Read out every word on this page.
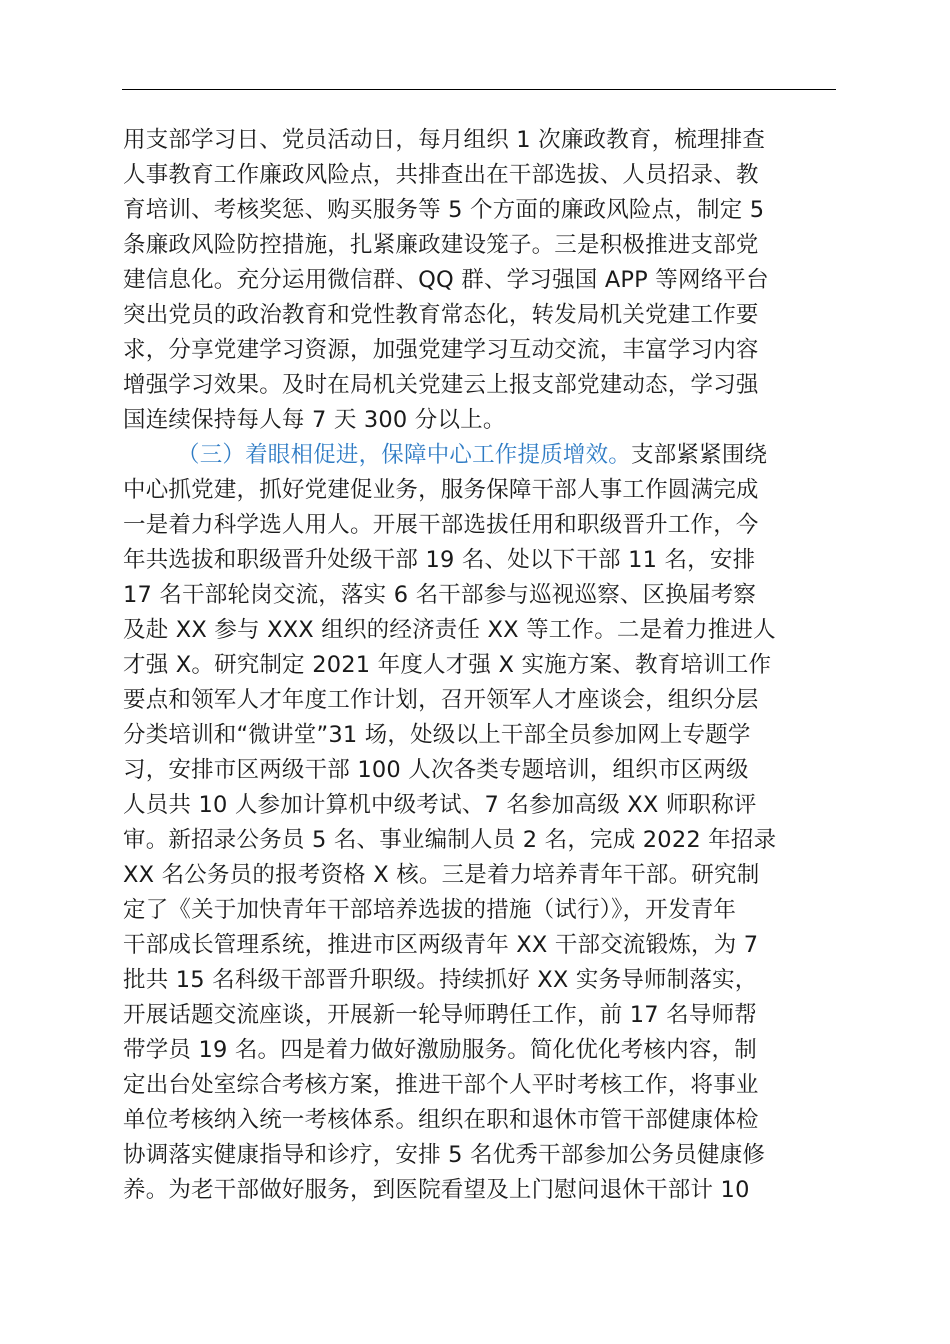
用支部学习日、党员活动日，每月组织 1 次廉政教育，梳理排查
人事教育工作廉政风险点，共排查出在干部选拔、人员招录、教
育培训、考核奖惩、购买服务等 5 个方面的廉政风险点，制定 5
条廉政风险防控措施，扎紧廉政建设笼子。三是积极推进支部党
建信息化。充分运用微信群、QQ 群、学习强国 APP 等网络平台
突出党员的政治教育和党性教育常态化，转发局机关党建工作要
求，分享党建学习资源，加强党建学习互动交流，丰富学习内容
增强学习效果。及时在局机关党建云上报支部党建动态，学习强
国连续保持每人每 7 天 300 分以上。
（三）着眼相促进，保障中心工作提质增效。支部紧紧围绕
中心抓党建，抓好党建促业务，服务保障干部人事工作圆满完成
一是着力科学选人用人。开展干部选拔任用和职级晋升工作，今
年共选拔和职级晋升处级干部 19 名、处以下干部 11 名，安排
17 名干部轮岗交流，落实 6 名干部参与巡视巡察、区换届考察
及赴 XX 参与 XXX 组织的经济责任 XX 等工作。二是着力推进人
才强 X。研究制定 2021 年度人才强 X 实施方案、教育培训工作
要点和领军人才年度工作计划，召开领军人才座谈会，组织分层
分类培训和“微讲堂”31 场，处级以上干部全员参加网上专题学
习，安排市区两级干部 100 人次各类专题培训，组织市区两级
人员共 10 人参加计算机中级考试、7 名参加高级 XX 师职称评
审。新招录公务员 5 名、事业编制人员 2 名，完成 2022 年招录
XX 名公务员的报考资格 X 核。三是着力培养青年干部。研究制
定了《关于加快青年干部培养选拔的措施（试行）》，开发青年
干部成长管理系统，推进市区两级青年 XX 干部交流锻炼，为 7
批共 15 名科级干部晋升职级。持续抓好 XX 实务导师制落实，
开展话题交流座谈，开展新一轮导师聘任工作，前 17 名导师帮
带学员 19 名。四是着力做好激励服务。简化优化考核内容，制
定出台处室综合考核方案，推进干部个人平时考核工作，将事业
单位考核纳入统一考核体系。组织在职和退休市管干部健康体检
协调落实健康指导和诊疗，安排 5 名优秀干部参加公务员健康修
养。为老干部做好服务，到医院看望及上门慰问退休干部计 10
